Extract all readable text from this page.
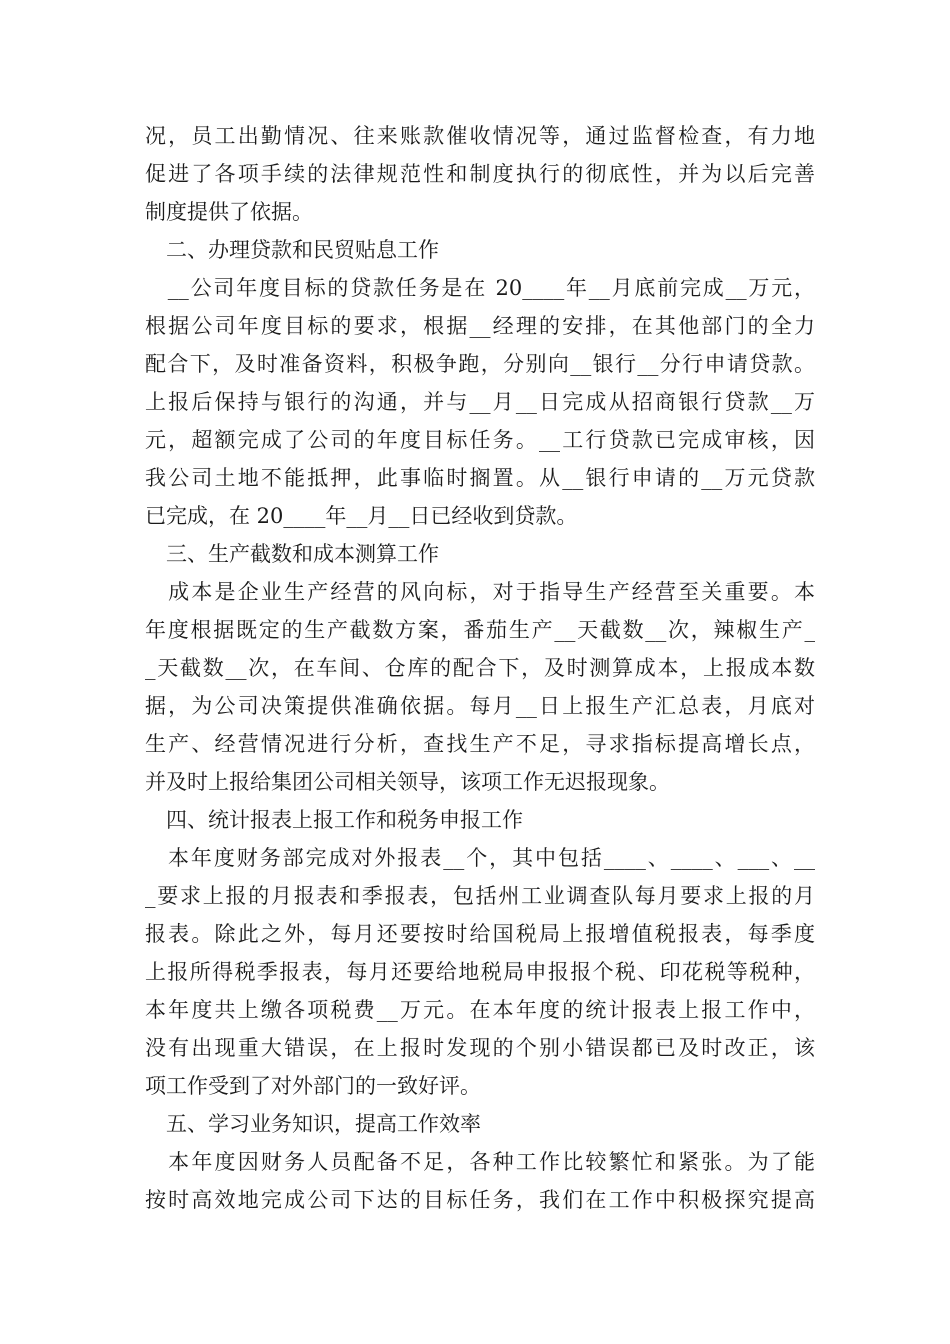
况，员工出勤情况、往来账款催收情况等，通过监督检查，有力地
促进了各项手续的法律规范性和制度执行的彻底性，并为以后完善
制度提供了依据。
　二、办理贷款和民贸贴息工作
　__公司年度目标的贷款任务是在 20____年__月底前完成__万元，
根据公司年度目标的要求，根据__经理的安排，在其他部门的全力
配合下，及时准备资料，积极争跑，分别向__银行__分行申请贷款。
上报后保持与银行的沟通，并与__月__日完成从招商银行贷款__万
元，超额完成了公司的年度目标任务。__工行贷款已完成审核，因
我公司土地不能抵押，此事临时搁置。从__银行申请的__万元贷款
已完成，在 20____年__月__日已经收到贷款。
　三、生产截数和成本测算工作
　成本是企业生产经营的风向标，对于指导生产经营至关重要。本
年度根据既定的生产截数方案，番茄生产__天截数__次，辣椒生产_
_天截数__次，在车间、仓库的配合下，及时测算成本，上报成本数
据，为公司决策提供准确依据。每月__日上报生产汇总表，月底对
生产、经营情况进行分析，查找生产不足，寻求指标提高增长点，
并及时上报给集团公司相关领导，该项工作无迟报现象。
　四、统计报表上报工作和税务申报工作
　本年度财务部完成对外报表__个，其中包括____、____、___、__
_要求上报的月报表和季报表，包括州工业调查队每月要求上报的月
报表。除此之外，每月还要按时给国税局上报增值税报表，每季度
上报所得税季报表，每月还要给地税局申报报个税、印花税等税种，
本年度共上缴各项税费__万元。在本年度的统计报表上报工作中，
没有出现重大错误，在上报时发现的个别小错误都已及时改正，该
项工作受到了对外部门的一致好评。
　五、学习业务知识，提高工作效率
　本年度因财务人员配备不足，各种工作比较繁忙和紧张。为了能
按时高效地完成公司下达的目标任务，我们在工作中积极探究提高
